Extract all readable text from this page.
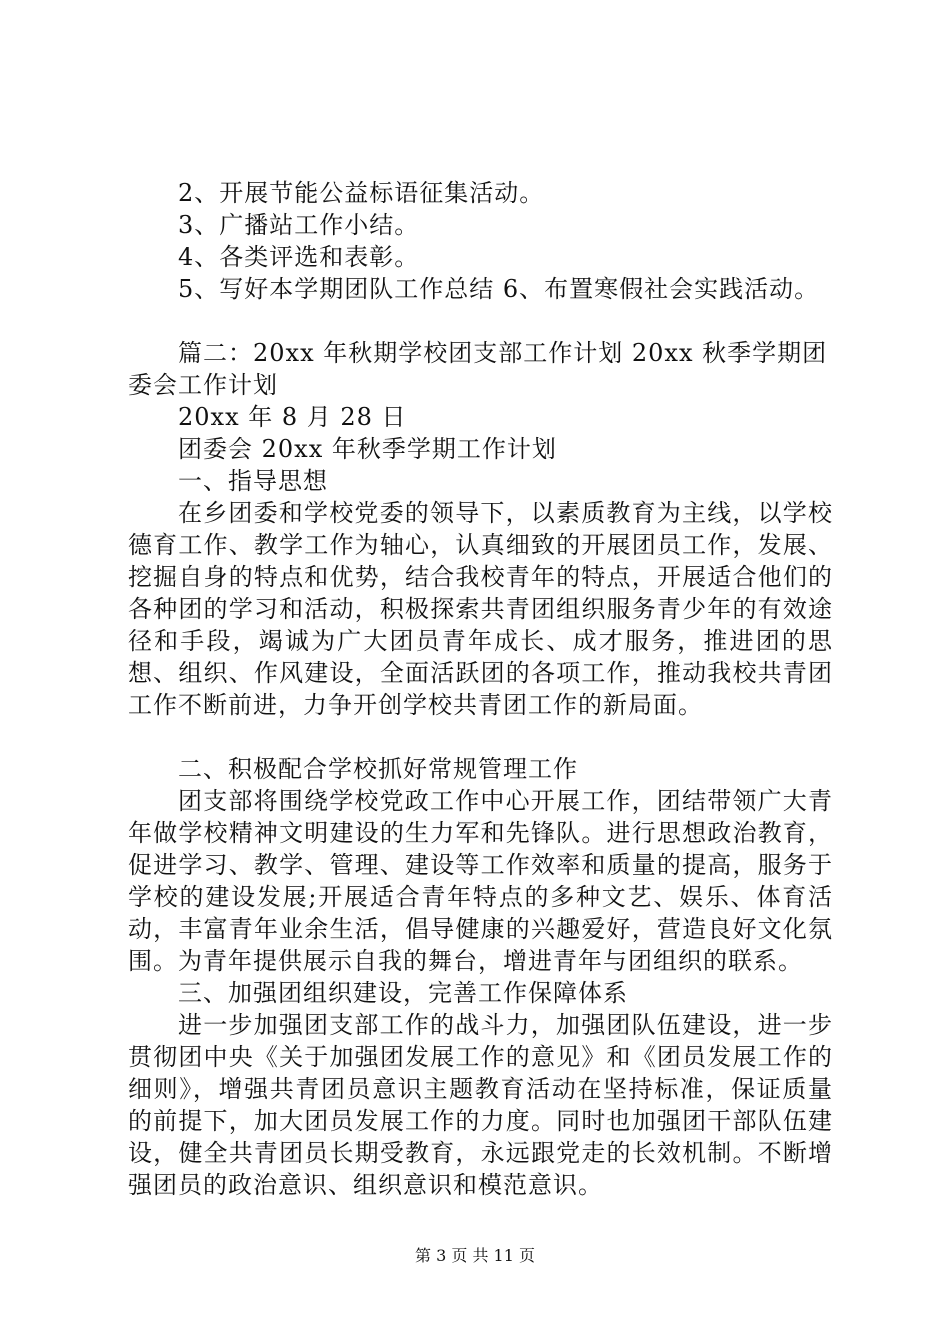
2、开展节能公益标语征集活动。

3、广播站工作小结。

4、各类评选和表彰。

5、写好本学期团队工作总结 6、布置寒假社会实践活动。

篇二：20xx 年秋期学校团支部工作计划 20xx 秋季学期团委会工作计划

20xx 年 8 月 28 日

团委会 20xx 年秋季学期工作计划

一、指导思想

在乡团委和学校党委的领导下，以素质教育为主线，以学校德育工作、教学工作为轴心，认真细致的开展团员工作，发展、挖掘自身的特点和优势，结合我校青年的特点，开展适合他们的各种团的学习和活动，积极探索共青团组织服务青少年的有效途径和手段，竭诚为广大团员青年成长、成才服务，推进团的思想、组织、作风建设，全面活跃团的各项工作，推动我校共青团工作不断前进，力争开创学校共青团工作的新局面。

二、积极配合学校抓好常规管理工作

团支部将围绕学校党政工作中心开展工作，团结带领广大青年做学校精神文明建设的生力军和先锋队。进行思想政治教育，促进学习、教学、管理、建设等工作效率和质量的提高，服务于学校的建设发展;开展适合青年特点的多种文艺、娱乐、体育活动，丰富青年业余生活，倡导健康的兴趣爱好，营造良好文化氛围。为青年提供展示自我的舞台，增进青年与团组织的联系。

三、加强团组织建设，完善工作保障体系

进一步加强团支部工作的战斗力，加强团队伍建设，进一步贯彻团中央《关于加强团发展工作的意见》和《团员发展工作的细则》，增强共青团员意识主题教育活动在坚持标准，保证质量的前提下，加大团员发展工作的力度。同时也加强团干部队伍建设，健全共青团员长期受教育，永远跟党走的长效机制。不断增强团员的政治意识、组织意识和模范意识。

第 3 页 共 11 页
